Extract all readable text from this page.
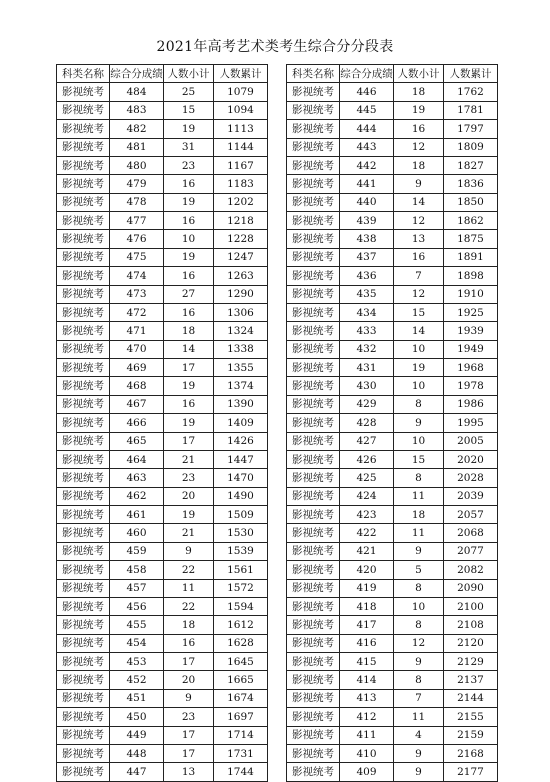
2021年高考艺术类考生综合分分段表
科类名称	综合分成绩	人数小计	人数累计
影视统考	484	25	1079
影视统考	483	15	1094
影视统考	482	19	1113
影视统考	481	31	1144
影视统考	480	23	1167
影视统考	479	16	1183
影视统考	478	19	1202
影视统考	477	16	1218
影视统考	476	10	1228
影视统考	475	19	1247
影视统考	474	16	1263
影视统考	473	27	1290
影视统考	472	16	1306
影视统考	471	18	1324
影视统考	470	14	1338
影视统考	469	17	1355
影视统考	468	19	1374
影视统考	467	16	1390
影视统考	466	19	1409
影视统考	465	17	1426
影视统考	464	21	1447
影视统考	463	23	1470
影视统考	462	20	1490
影视统考	461	19	1509
影视统考	460	21	1530
影视统考	459	9	1539
影视统考	458	22	1561
影视统考	457	11	1572
影视统考	456	22	1594
影视统考	455	18	1612
影视统考	454	16	1628
影视统考	453	17	1645
影视统考	452	20	1665
影视统考	451	9	1674
影视统考	450	23	1697
影视统考	449	17	1714
影视统考	448	17	1731
影视统考	447	13	1744
科类名称	综合分成绩	人数小计	人数累计
影视统考	446	18	1762
影视统考	445	19	1781
影视统考	444	16	1797
影视统考	443	12	1809
影视统考	442	18	1827
影视统考	441	9	1836
影视统考	440	14	1850
影视统考	439	12	1862
影视统考	438	13	1875
影视统考	437	16	1891
影视统考	436	7	1898
影视统考	435	12	1910
影视统考	434	15	1925
影视统考	433	14	1939
影视统考	432	10	1949
影视统考	431	19	1968
影视统考	430	10	1978
影视统考	429	8	1986
影视统考	428	9	1995
影视统考	427	10	2005
影视统考	426	15	2020
影视统考	425	8	2028
影视统考	424	11	2039
影视统考	423	18	2057
影视统考	422	11	2068
影视统考	421	9	2077
影视统考	420	5	2082
影视统考	419	8	2090
影视统考	418	10	2100
影视统考	417	8	2108
影视统考	416	12	2120
影视统考	415	9	2129
影视统考	414	8	2137
影视统考	413	7	2144
影视统考	412	11	2155
影视统考	411	4	2159
影视统考	410	9	2168
影视统考	409	9	2177
